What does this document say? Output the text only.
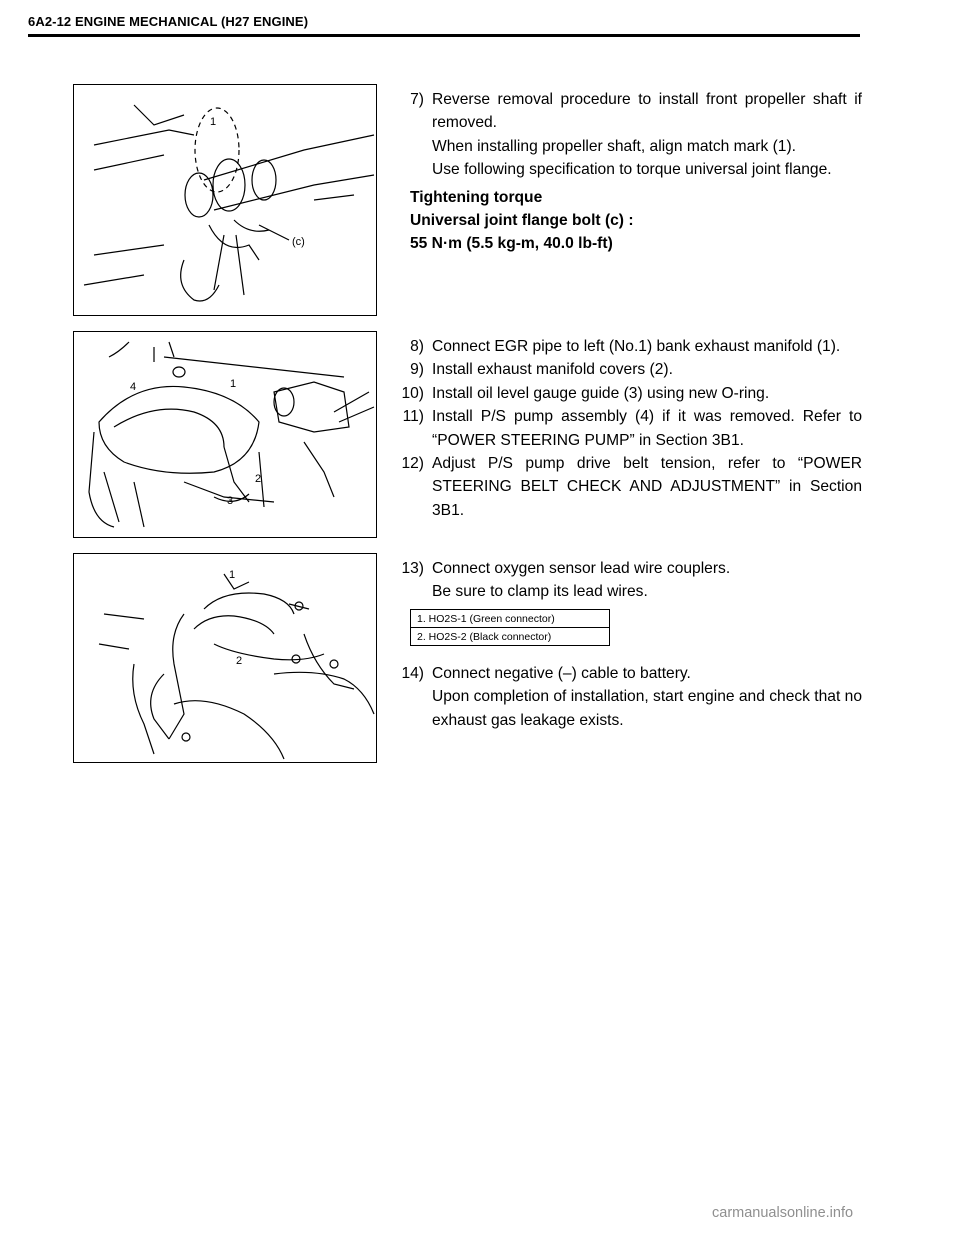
6A2-12 ENGINE MECHANICAL (H27 ENGINE)
1
(c)
4	1
2
3
1
2
7) Reverse removal procedure to install front propeller shaft if removed.

When installing propeller shaft, align match mark (1).

Use following specification to torque universal joint flange.

Tightening torque
Universal joint flange bolt (c) :
55 N·m (5.5 kg-m, 40.0 lb-ft)
8) Connect EGR pipe to left (No.1) bank exhaust manifold (1).
9) Install exhaust manifold covers (2).
10) Install oil level gauge guide (3) using new O-ring.
11) Install P/S pump assembly (4) if it was removed. Refer to “POWER STEERING PUMP” in Section 3B1.
12) Adjust P/S pump drive belt tension, refer to “POWER STEERING BELT CHECK AND ADJUSTMENT” in Section 3B1.
13) Connect oxygen sensor lead wire couplers.

Be sure to clamp its lead wires.

1. HO2S-1 (Green connector)
2. HO2S-2 (Black connector)
14) Connect negative (–) cable to battery.

Upon completion of installation, start engine and check that no exhaust gas leakage exists.

carmanualsonline.info
